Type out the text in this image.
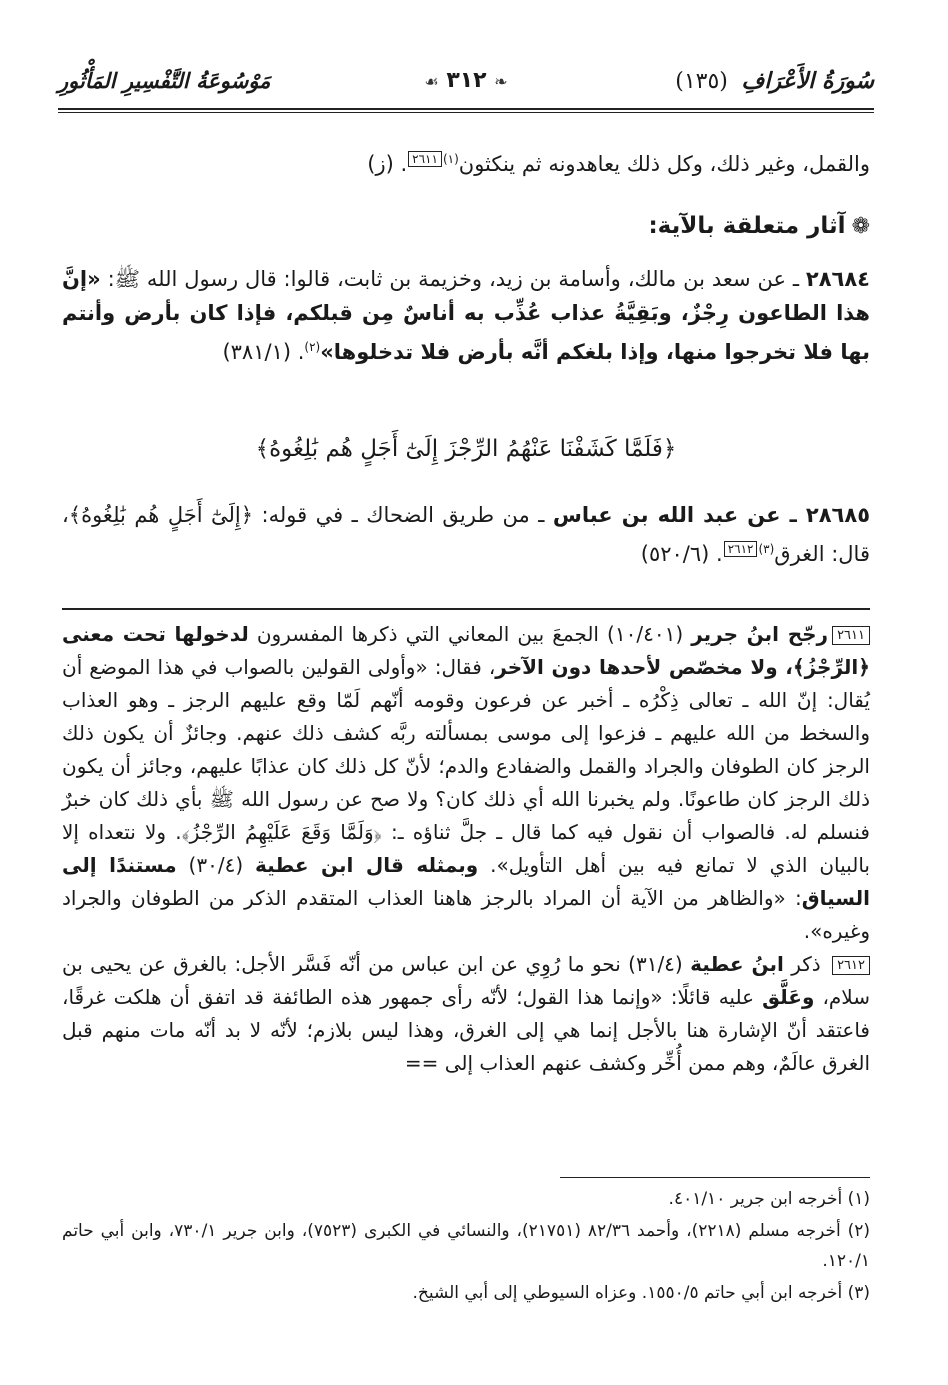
سُورَةُ الأَعْرَافِ (١٣٥)
❧ ٣١٢ ☙
مَوْسُوعَةُ التَّفْسِيرِ المَأْثُورِ

والقمل، وغير ذلك، وكل ذلك يعاهدونه ثم ينكثون$^{(١)}$٢٦١١. (ز)

❁آثار متعلقة بالآية:

٢٨٦٨٤ ـ عن سعد بن مالك، وأسامة بن زيد، وخزيمة بن ثابت، قالوا: قال رسول الله ﷺ: «إنَّ هذا الطاعون رِجْزٌ، وبَقِيَّةُ عذاب عُذِّب به أناسٌ مِن قبلكم، فإذا كان بأرض وأنتم بها فلا تخرجوا منها، وإذا بلغكم أنَّه بأرض فلا تدخلوها»$^{(٢)}$. (٣٨١/١)

﴿فَلَمَّا كَشَفْنَا عَنْهُمُ الرِّجْزَ إِلَىٰٓ أَجَلٍ هُم بَٰلِغُوهُ﴾

٢٨٦٨٥ ـ عن عبد الله بن عباس ـ من طريق الضحاك ـ في قوله: ﴿إِلَىٰٓ أَجَلٍ هُم بَٰلِغُوهُ﴾، قال: الغرق$^{(٣)}$٢٦١٢. (٥٢٠/٦)

٢٦١١رجّح ابنُ جرير (١٠/٤٠١) الجمعَ بين المعاني التي ذكرها المفسرون لدخولها تحت معنى ﴿الرِّجْزُ﴾، ولا مخصّص لأحدها دون الآخر، فقال: «وأولى القولين بالصواب في هذا الموضع أن يُقال: إنّ الله ـ تعالى ذِكْرُه ـ أخبر عن فرعون وقومه أنّهم لَمّا وقع عليهم الرجز ـ وهو العذاب والسخط من الله عليهم ـ فزعوا إلى موسى بمسألته ربَّه كشف ذلك عنهم. وجائزٌ أن يكون ذلك الرجز كان الطوفان والجراد والقمل والضفادع والدم؛ لأنّ كل ذلك كان عذابًا عليهم، وجائز أن يكون ذلك الرجز كان طاعونًا. ولم يخبرنا الله أي ذلك كان؟ ولا صح عن رسول الله ﷺ بأي ذلك كان خبرٌ فنسلم له. فالصواب أن نقول فيه كما قال ـ جلَّ ثناؤه ـ: ﴿وَلَمَّا وَقَعَ عَلَيْهِمُ الرِّجْزُ﴾. ولا نتعداه إلا بالبيان الذي لا تمانع فيه بين أهل التأويل». وبمثله قال ابن عطية (٣٠/٤) مستندًا إلى السياق: «والظاهر من الآية أن المراد بالرجز هاهنا العذاب المتقدم الذكر من الطوفان والجراد وغيره».

٢٦١٢ ذكر ابنُ عطية (٣١/٤) نحو ما رُوِي عن ابن عباس من أنّه فَسَّر الأجل: بالغرق عن يحيى بن سلام، وعَلَّق عليه قائلًا: «وإنما هذا القول؛ لأنّه رأى جمهور هذه الطائفة قد اتفق أن هلكت غرقًا، فاعتقد أنّ الإشارة هنا بالأجل إنما هي إلى الغرق، وهذا ليس بلازم؛ لأنّه لا بد أنّه مات منهم قبل الغرق عالَمٌ، وهم ممن أُخِّر وكشف عنهم العذاب إلى ==

(١) أخرجه ابن جرير ٤٠١/١٠.

(٢) أخرجه مسلم (٢٢١٨)، وأحمد ٨٢/٣٦ (٢١٧٥١)، والنسائي في الكبرى (٧٥٢٣)، وابن جرير ٧٣٠/١، وابن أبي حاتم ١٢٠/١.

(٣) أخرجه ابن أبي حاتم ١٥٥٠/٥. وعزاه السيوطي إلى أبي الشيخ.
